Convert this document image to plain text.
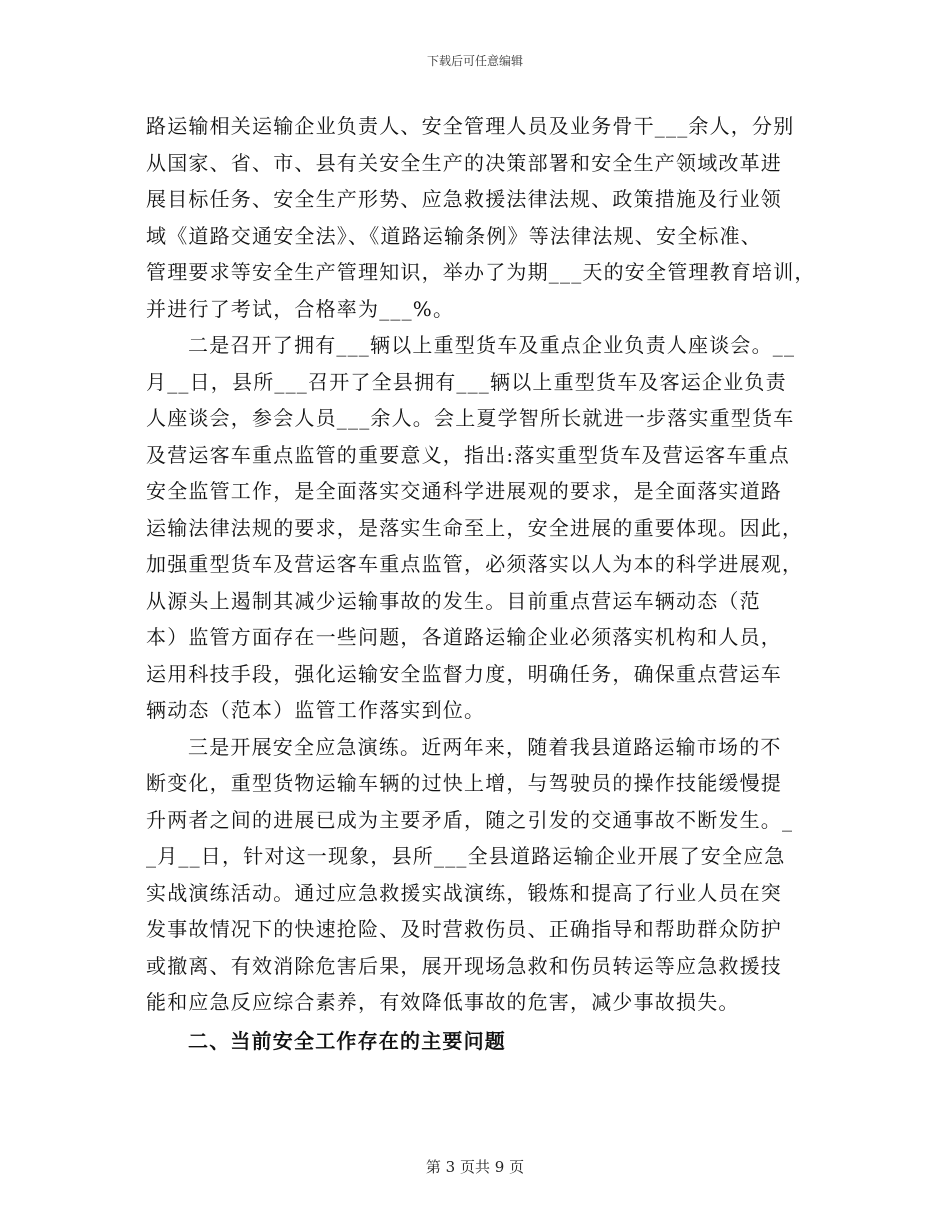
下载后可任意编辑
路运输相关运输企业负责人、安全管理人员及业务骨干___余人，分别
从国家、省、市、县有关安全生产的决策部署和安全生产领域改革进
展目标任务、安全生产形势、应急救援法律法规、政策措施及行业领
域《道路交通安全法》、《道路运输条例》等法律法规、安全标准、
管理要求等安全生产管理知识，举办了为期___天的安全管理教育培训，
并进行了考试，合格率为___%。
二是召开了拥有___辆以上重型货车及重点企业负责人座谈会。__
月__日，县所___召开了全县拥有___辆以上重型货车及客运企业负责
人座谈会，参会人员___余人。会上夏学智所长就进一步落实重型货车
及营运客车重点监管的重要意义，指出:落实重型货车及营运客车重点
安全监管工作，是全面落实交通科学进展观的要求，是全面落实道路
运输法律法规的要求，是落实生命至上，安全进展的重要体现。因此，
加强重型货车及营运客车重点监管，必须落实以人为本的科学进展观，
从源头上遏制其减少运输事故的发生。目前重点营运车辆动态（范
本）监管方面存在一些问题，各道路运输企业必须落实机构和人员，
运用科技手段，强化运输安全监督力度，明确任务，确保重点营运车
辆动态（范本）监管工作落实到位。
三是开展安全应急演练。近两年来，随着我县道路运输市场的不
断变化，重型货物运输车辆的过快上增，与驾驶员的操作技能缓慢提
升两者之间的进展已成为主要矛盾，随之引发的交通事故不断发生。_
_月__日，针对这一现象，县所___全县道路运输企业开展了安全应急
实战演练活动。通过应急救援实战演练，锻炼和提高了行业人员在突
发事故情况下的快速抢险、及时营救伤员、正确指导和帮助群众防护
或撤离、有效消除危害后果，展开现场急救和伤员转运等应急救援技
能和应急反应综合素养，有效降低事故的危害，减少事故损失。
二、当前安全工作存在的主要问题
第 3 页共 9 页
